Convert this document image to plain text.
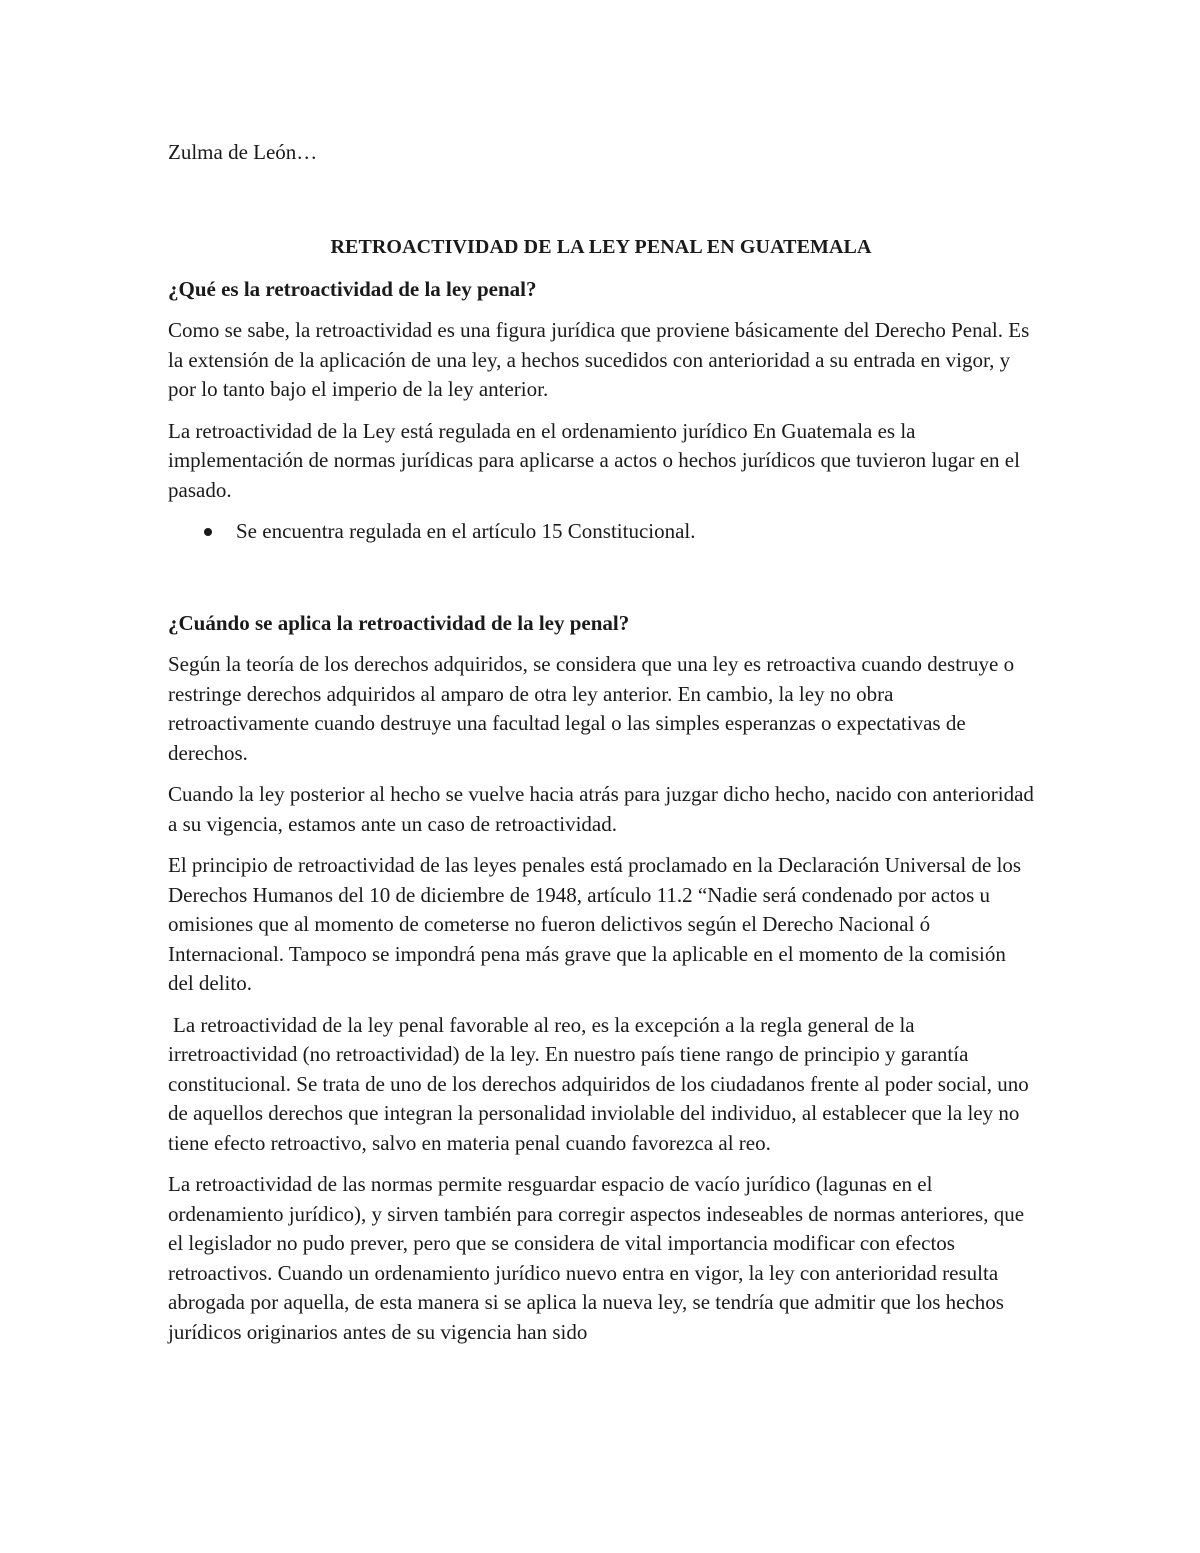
Zulma de León…

RETROACTIVIDAD DE LA LEY PENAL EN GUATEMALA
¿Qué es la retroactividad de la ley penal?

Como se sabe, la retroactividad es una figura jurídica que proviene básicamente del Derecho Penal. Es la extensión de la aplicación de una ley, a hechos sucedidos con anterioridad a su entrada en vigor, y por lo tanto bajo el imperio de la ley anterior.

La retroactividad de la Ley está regulada en el ordenamiento jurídico En Guatemala es la implementación de normas jurídicas para aplicarse a actos o hechos jurídicos que tuvieron lugar en el pasado.

Se encuentra regulada en el artículo 15 Constitucional.
¿Cuándo se aplica la retroactividad de la ley penal?

Según la teoría de los derechos adquiridos, se considera que una ley es retroactiva cuando destruye o restringe derechos adquiridos al amparo de otra ley anterior. En cambio, la ley no obra retroactivamente cuando destruye una facultad legal o las simples esperanzas o expectativas de derechos.

Cuando la ley posterior al hecho se vuelve hacia atrás para juzgar dicho hecho, nacido con anterioridad a su vigencia, estamos ante un caso de retroactividad.

El principio de retroactividad de las leyes penales está proclamado en la Declaración Universal de los Derechos Humanos del 10 de diciembre de 1948, artículo 11.2 “Nadie será condenado por actos u omisiones que al momento de cometerse no fueron delictivos según el Derecho Nacional ó Internacional. Tampoco se impondrá pena más grave que la aplicable en el momento de la comisión del delito.

La retroactividad de la ley penal favorable al reo, es la excepción a la regla general de la irretroactividad (no retroactividad) de la ley. En nuestro país tiene rango de principio y garantía constitucional. Se trata de uno de los derechos adquiridos de los ciudadanos frente al poder social, uno de aquellos derechos que integran la personalidad inviolable del individuo, al establecer que la ley no tiene efecto retroactivo, salvo en materia penal cuando favorezca al reo.

La retroactividad de las normas permite resguardar espacio de vacío jurídico (lagunas en el ordenamiento jurídico), y sirven también para corregir aspectos indeseables de normas anteriores, que el legislador no pudo prever, pero que se considera de vital importancia modificar con efectos retroactivos. Cuando un ordenamiento jurídico nuevo entra en vigor, la ley con anterioridad resulta abrogada por aquella, de esta manera si se aplica la nueva ley, se tendría que admitir que los hechos jurídicos originarios antes de su vigencia han sido
